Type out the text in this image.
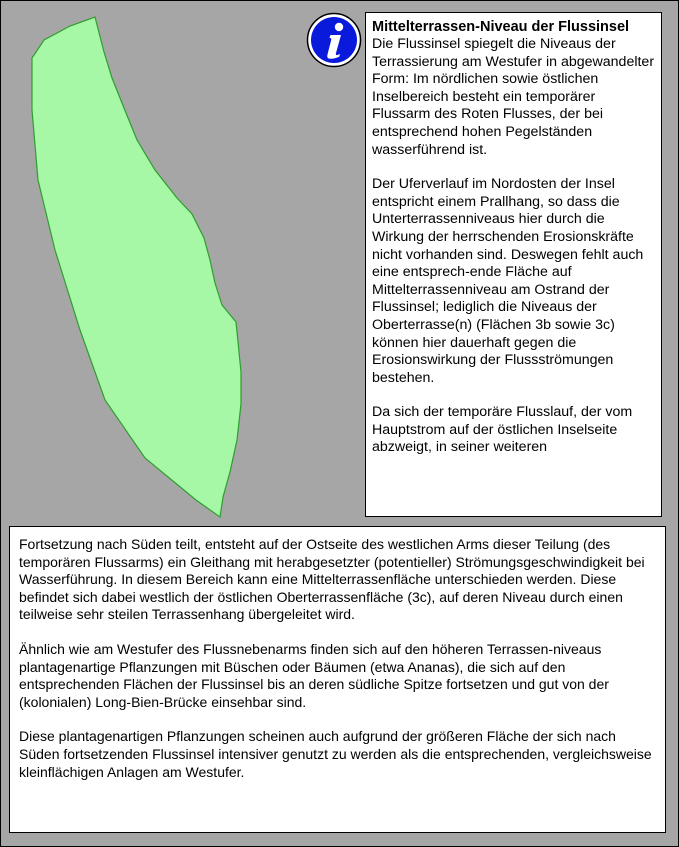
Mittelterrassen-Niveau der Flussinsel

Die Flussinsel spiegelt die Niveaus der Terrassierung am Westufer in abgewandelter Form: Im nördlichen sowie östlichen Inselbereich besteht ein temporärer Flussarm des Roten Flusses, der bei entsprechend hohen Pegelständen wasserführend ist.

Der Uferverlauf im Nordosten der Insel entspricht einem Prallhang, so dass die Unterterrassenniveaus hier durch die Wirkung der herrschenden Erosionskräfte nicht vorhanden sind. Deswegen fehlt auch eine entsprech-ende Fläche auf Mittelterrassenniveau am Ostrand der Flussinsel; lediglich die Niveaus der Oberterrasse(n) (Flächen 3b sowie 3c) können hier dauerhaft gegen die Erosionswirkung der Flussströmungen bestehen.

Da sich der temporäre Flusslauf, der vom Hauptstrom auf der östlichen Inselseite abzweigt, in seiner weiteren

Fortsetzung nach Süden teilt, entsteht auf der Ostseite des westlichen Arms dieser Teilung (des temporären Flussarms) ein Gleithang mit herabgesetzter (potentieller) Strömungsgeschwindigkeit bei Wasserführung. In diesem Bereich kann eine Mittelterrassenfläche unterschieden werden. Diese befindet sich dabei westlich der östlichen Oberterrassenfläche (3c), auf deren Niveau durch einen teilweise sehr steilen Terrassenhang übergeleitet wird.

Ähnlich wie am Westufer des Flussnebenarms finden sich auf den höheren Terrassen-niveaus plantagenartige Pflanzungen mit Büschen oder Bäumen (etwa Ananas), die sich auf den entsprechenden Flächen der Flussinsel bis an deren südliche Spitze fortsetzen und gut von der (kolonialen) Long-Bien-Brücke einsehbar sind.

Diese plantagenartigen Pflanzungen scheinen auch aufgrund der größeren Fläche der sich nach Süden fortsetzenden Flussinsel intensiver genutzt zu werden als die entsprechenden, vergleichsweise kleinflächigen Anlagen am Westufer.
